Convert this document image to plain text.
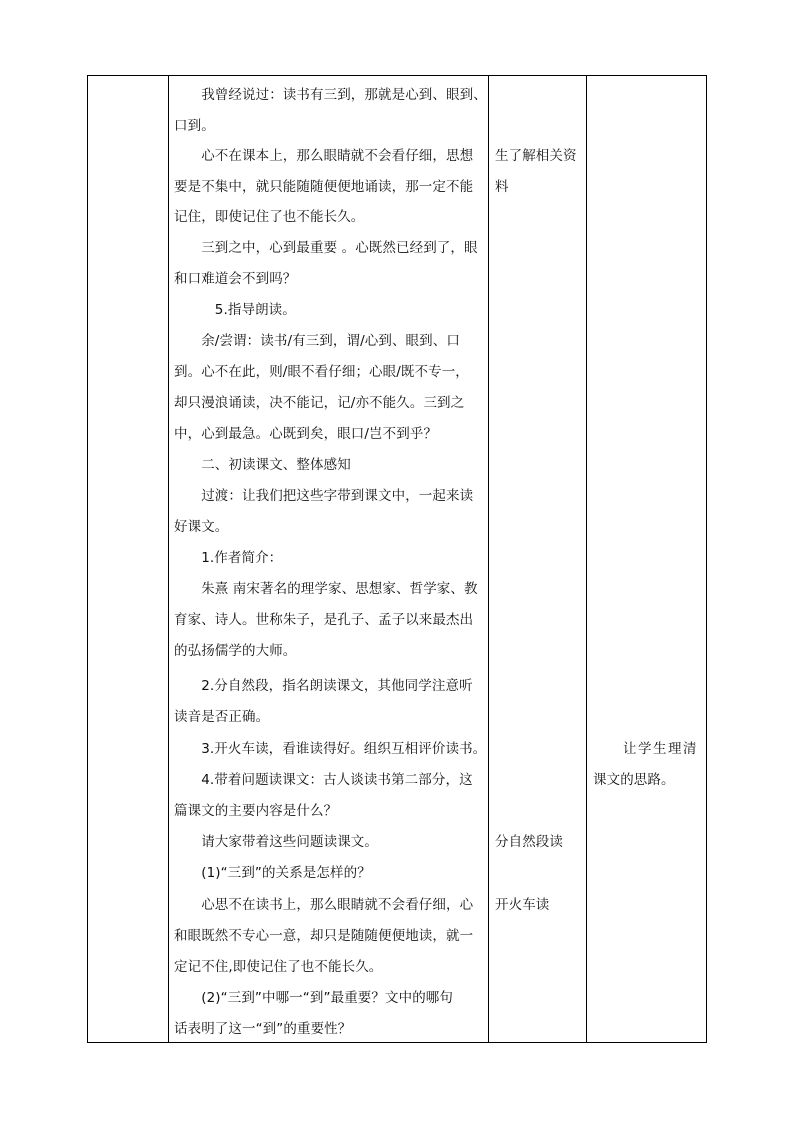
　　我曾经说过：读书有三到，那就是心到、眼到、
口到。
　　心不在课本上，那么眼睛就不会看仔细，思想
要是不集中，就只能随随便便地诵读，那一定不能
记住，即使记住了也不能长久。
　　三到之中，心到最重要 。心既然已经到了，眼
和口难道会不到吗？
　　　5.指导朗读。
　　余/尝谓：读书/有三到，谓/心到、眼到、口
到。心不在此，则/眼不看仔细；心眼/既不专一，
却只漫浪诵读，决不能记，记/亦不能久。三到之
中，心到最急。心既到矣，眼口/岂不到乎？
　　二、初读课文、整体感知
　　过渡：让我们把这些字带到课文中，一起来读
好课文。
　　1.作者简介：
　　朱熹 南宋著名的理学家、思想家、哲学家、教
育家、诗人。世称朱子，是孔子、孟子以来最杰出
的弘扬儒学的大师。
　　2.分自然段，指名朗读课文，其他同学注意听
读音是否正确。
　　3.开火车读，看谁读得好。组织互相评价读书。
　　4.带着问题读课文：古人谈读书第二部分，这
篇课文的主要内容是什么？
　　请大家带着这些问题读课文。
　　(1)“三到”的关系是怎样的？
　　心思不在读书上，那么眼睛就不会看仔细，心
和眼既然不专心一意，却只是随随便便地读，就一
定记不住,即使记住了也不能长久。
　　(2)“三到”中哪一“到”最重要？文中的哪句
话表明了这一“到”的重要性？
生了解相关资
料
分自然段读
开火车读
　　让学生理清
课文的思路。
